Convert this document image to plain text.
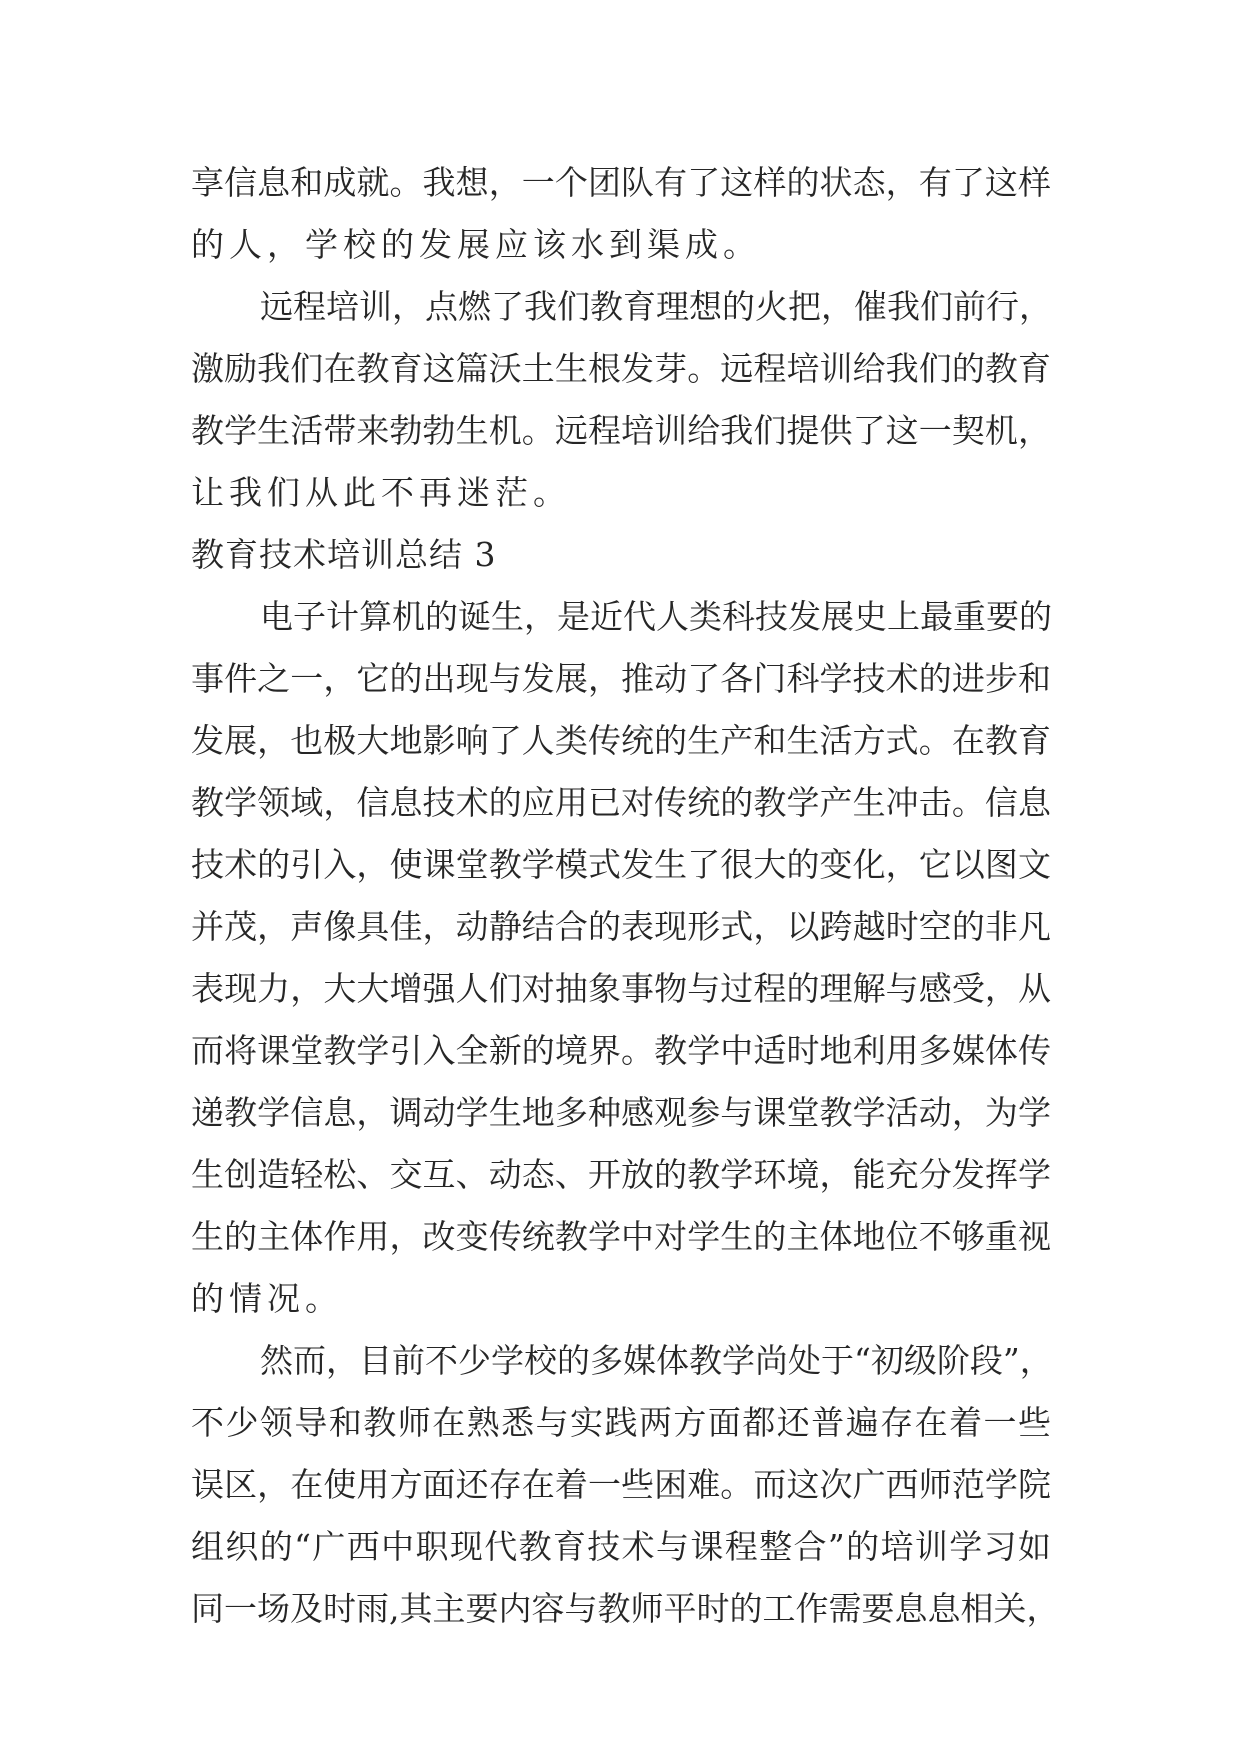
享信息和成就。我想，一个团队有了这样的状态，有了这样
的人，学校的发展应该水到渠成。
远程培训，点燃了我们教育理想的火把，催我们前行，
激励我们在教育这篇沃土生根发芽。远程培训给我们的教育
教学生活带来勃勃生机。远程培训给我们提供了这一契机，
让我们从此不再迷茫。
教育技术培训总结 3
电子计算机的诞生，是近代人类科技发展史上最重要的
事件之一，它的出现与发展，推动了各门科学技术的进步和
发展，也极大地影响了人类传统的生产和生活方式。在教育
教学领域，信息技术的应用已对传统的教学产生冲击。信息
技术的引入，使课堂教学模式发生了很大的变化，它以图文
并茂，声像具佳，动静结合的表现形式，以跨越时空的非凡
表现力，大大增强人们对抽象事物与过程的理解与感受，从
而将课堂教学引入全新的境界。教学中适时地利用多媒体传
递教学信息，调动学生地多种感观参与课堂教学活动，为学
生创造轻松、交互、动态、开放的教学环境，能充分发挥学
生的主体作用，改变传统教学中对学生的主体地位不够重视
的情况。
然而，目前不少学校的多媒体教学尚处于“初级阶段”，
不少领导和教师在熟悉与实践两方面都还普遍存在着一些
误区，在使用方面还存在着一些困难。而这次广西师范学院
组织的“广西中职现代教育技术与课程整合”的培训学习如
同一场及时雨,其主要内容与教师平时的工作需要息息相关，
